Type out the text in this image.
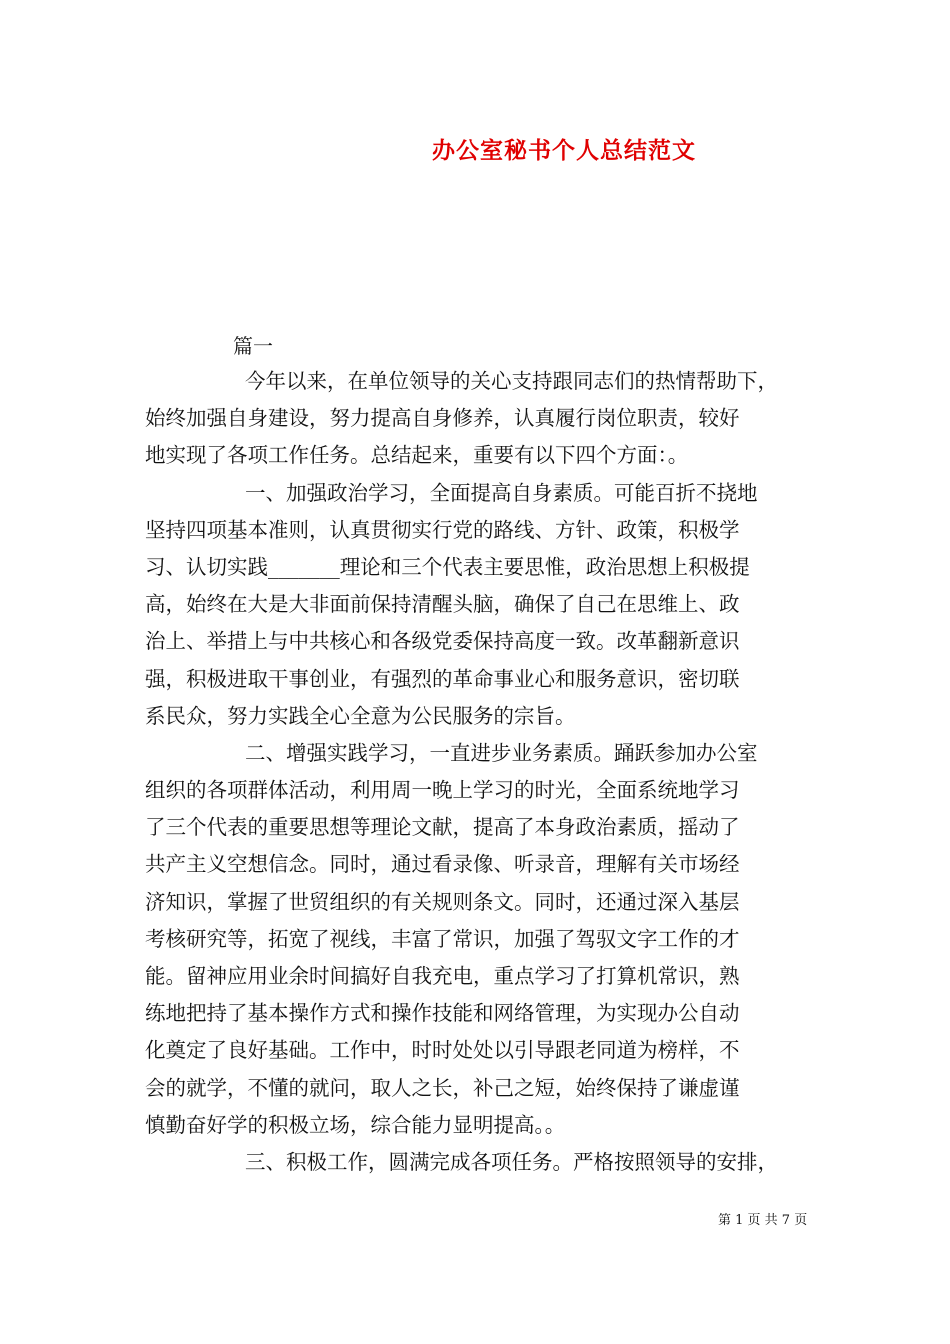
办公室秘书个人总结范文
篇一
今年以来，在单位领导的关心支持跟同志们的热情帮助下，
始终加强自身建设，努力提高自身修养，认真履行岗位职责，较好
地实现了各项工作任务。总结起来，重要有以下四个方面：。
一、加强政治学习，全面提高自身素质。可能百折不挠地
坚持四项基本准则，认真贯彻实行党的路线、方针、政策，积极学
习、认切实践_______理论和三个代表主要思惟，政治思想上积极提
高，始终在大是大非面前保持清醒头脑，确保了自己在思维上、政
治上、举措上与中共核心和各级党委保持高度一致。改革翻新意识
强，积极进取干事创业，有强烈的革命事业心和服务意识，密切联
系民众，努力实践全心全意为公民服务的宗旨。
二、增强实践学习，一直进步业务素质。踊跃参加办公室
组织的各项群体活动，利用周一晚上学习的时光，全面系统地学习
了三个代表的重要思想等理论文献，提高了本身政治素质，摇动了
共产主义空想信念。同时，通过看录像、听录音，理解有关市场经
济知识，掌握了世贸组织的有关规则条文。同时，还通过深入基层
考核研究等，拓宽了视线，丰富了常识，加强了驾驭文字工作的才
能。留神应用业余时间搞好自我充电，重点学习了打算机常识，熟
练地把持了基本操作方式和操作技能和网络管理，为实现办公自动
化奠定了良好基础。工作中，时时处处以引导跟老同道为榜样，不
会的就学，不懂的就问，取人之长，补己之短，始终保持了谦虚谨
慎勤奋好学的积极立场，综合能力显明提高。。
三、积极工作，圆满完成各项任务。严格按照领导的安排，
第 1 页 共 7 页
